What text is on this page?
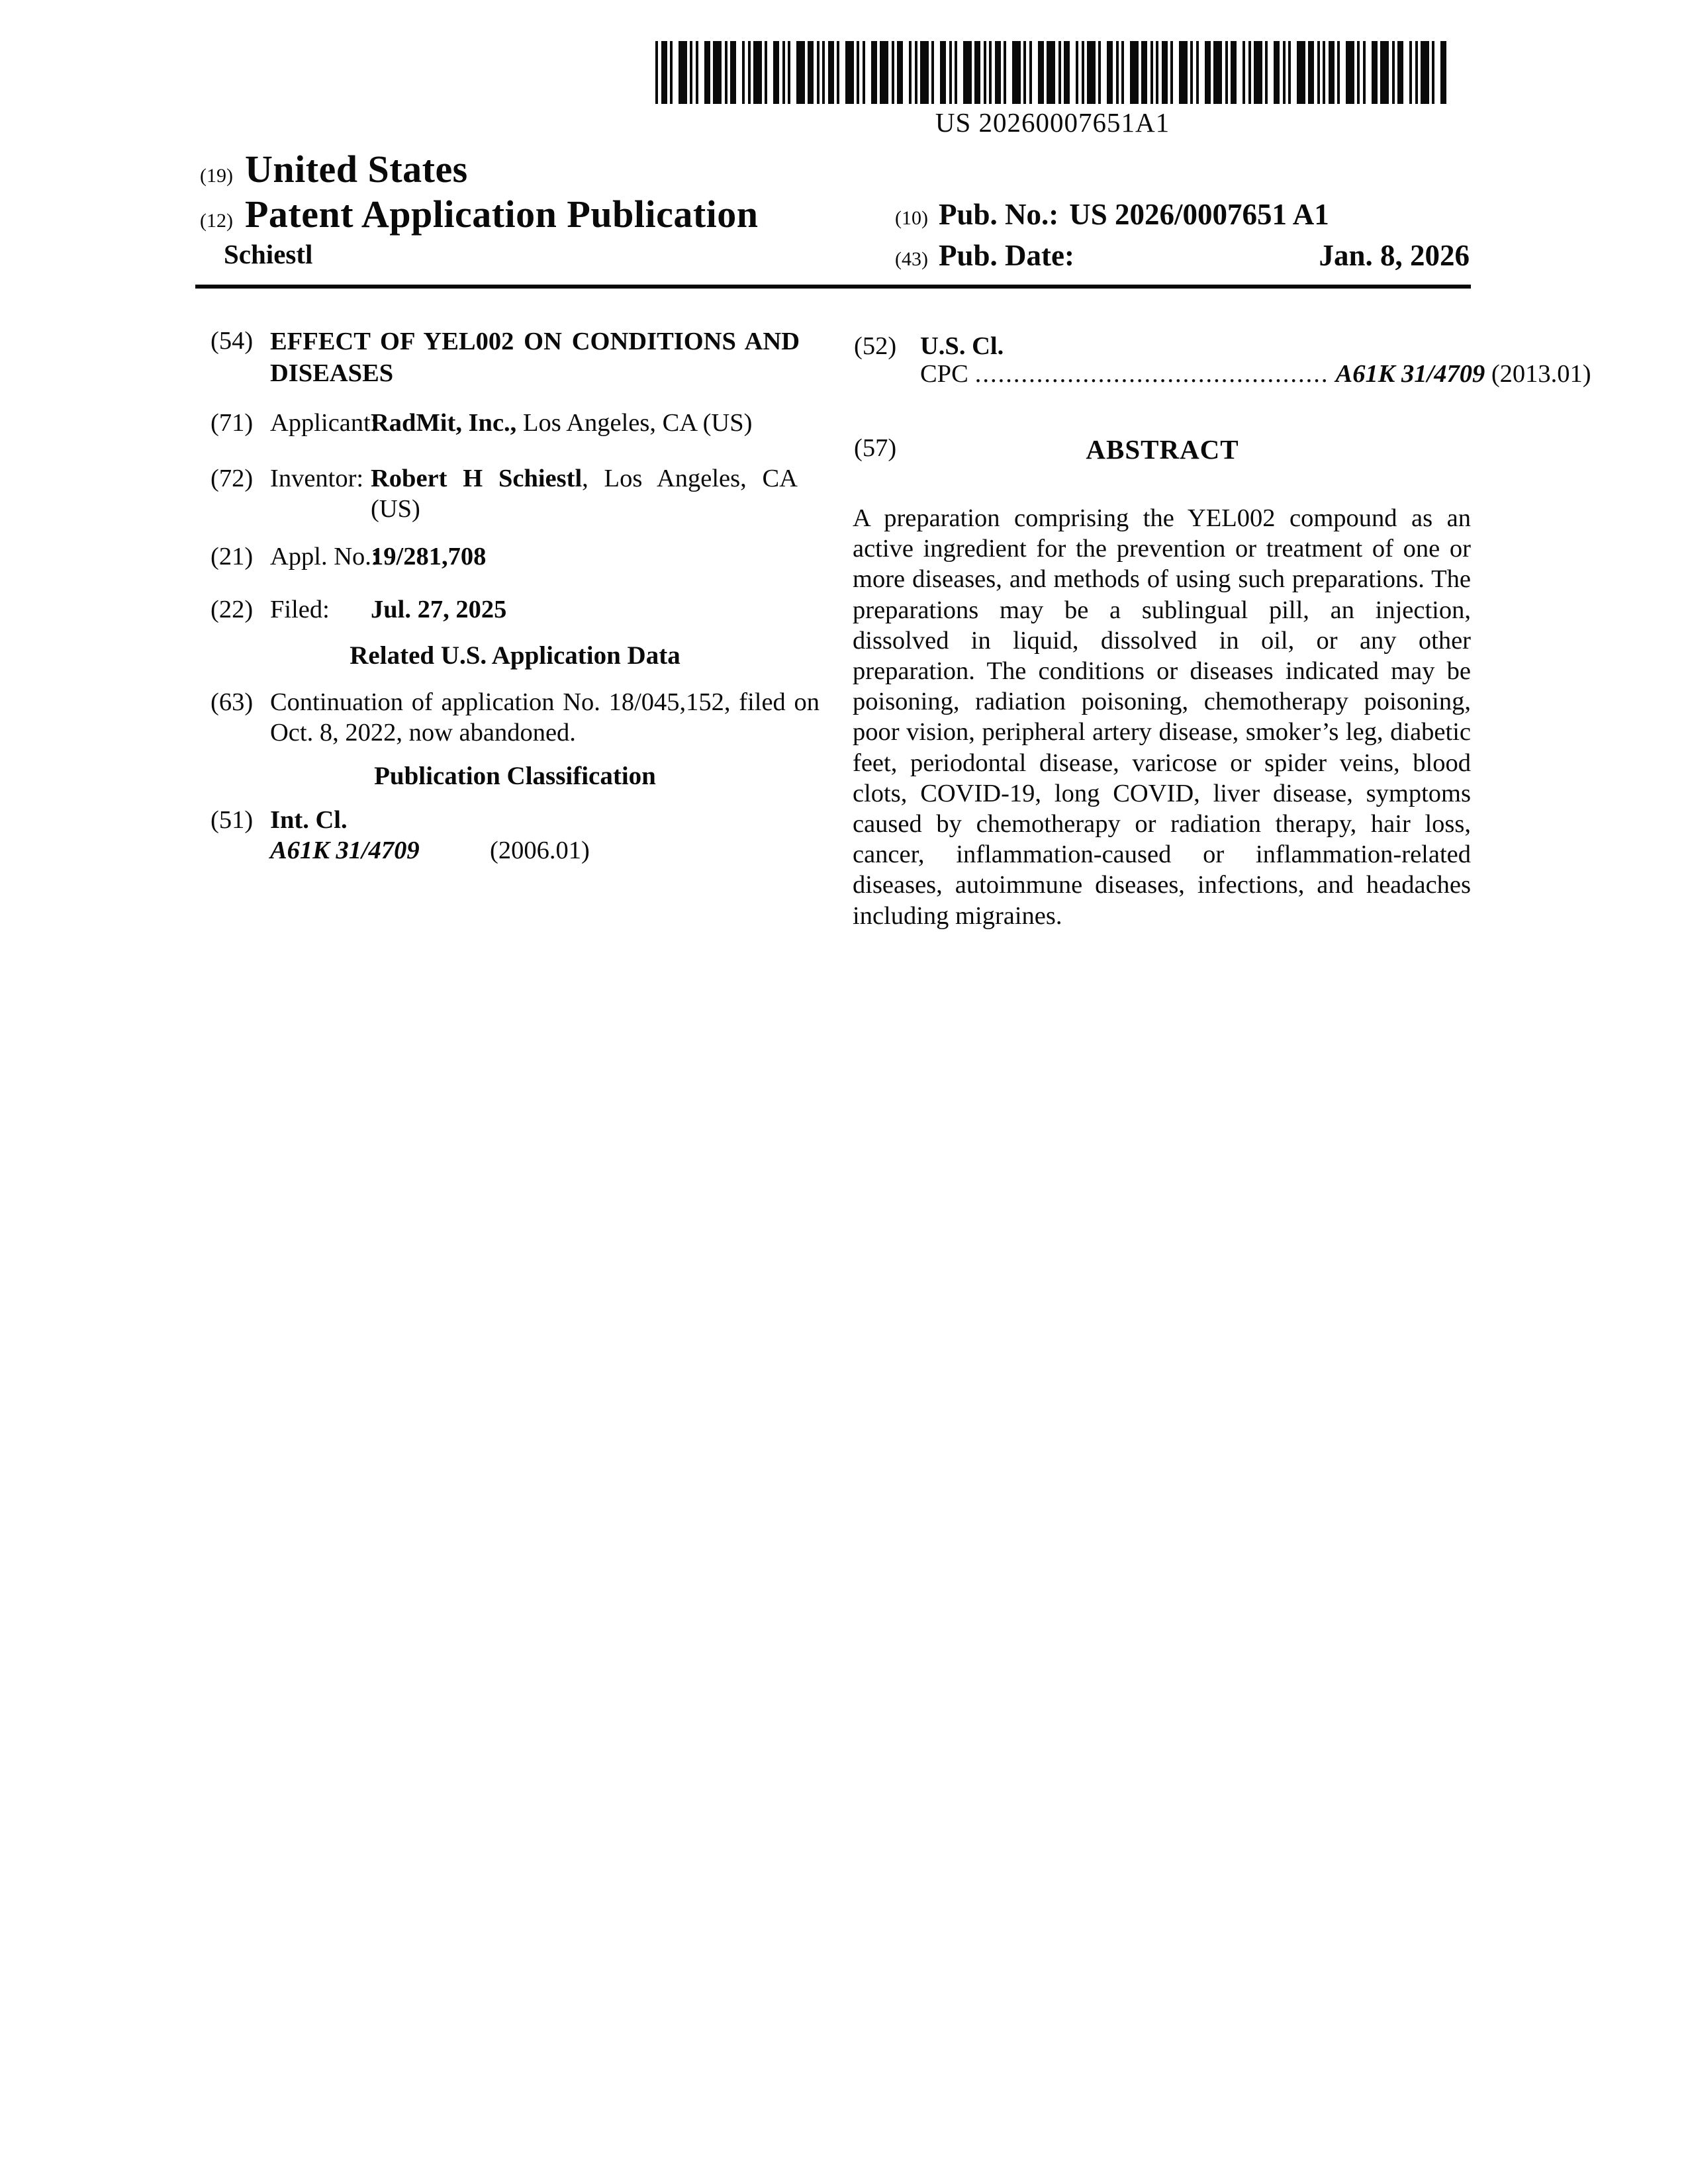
US 20260007651A1
(19) United States
(12) Patent Application Publication
Schiestl
(10) Pub. No.: US 2026/0007651 A1
(43) Pub. Date:	Jan. 8, 2026
(54) EFFECT OF YEL002 ON CONDITIONS AND DISEASES
(71) Applicant:
RadMit, Inc., Los Angeles, CA (US)
(72) Inventor: Robert H Schiestl, Los Angeles, CA (US)
(21) Appl. No.:
19/281,708
(22) Filed:	Jul. 27, 2025
Related U.S. Application Data
(63) Continuation of application No. 18/045,152, filed on Oct. 8, 2022, now abandoned.
Publication Classification
(51) Int. Cl.
A61K 31/4709	(2006.01)
(52) U.S. Cl.
CPC .............................................. A61K 31/4709 (2013.01)
(57)	ABSTRACT
A preparation comprising the YEL002 compound as an active ingredient for the prevention or treatment of one or more diseases, and methods of using such preparations. The preparations may be a sublingual pill, an injection, dissolved in liquid, dissolved in oil, or any other preparation. The conditions or diseases indicated may be poisoning, radiation poisoning, chemotherapy poisoning, poor vision, peripheral artery disease, smoker’s leg, diabetic feet, periodontal disease, varicose or spider veins, blood clots, COVID-19, long COVID, liver disease, symptoms caused by chemotherapy or radiation therapy, hair loss, cancer, inflammation-caused or inflammation-related diseases, autoimmune diseases, infections, and headaches including migraines.
